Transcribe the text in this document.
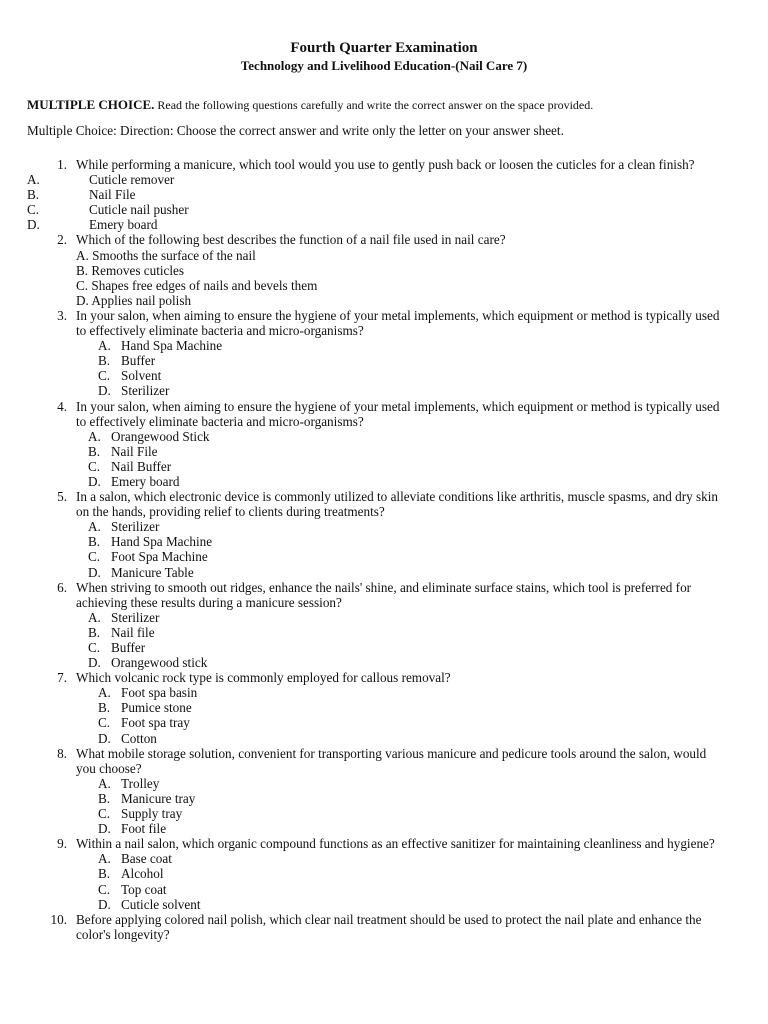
Fourth Quarter Examination
Technology and Livelihood Education-(Nail Care 7)
MULTIPLE CHOICE. Read the following questions carefully and write the correct answer on the space provided.
Multiple Choice: Direction: Choose the correct answer and write only the letter on your answer sheet.
1. While performing a manicure, which tool would you use to gently push back or loosen the cuticles for a clean finish?
A.	Cuticle remover
B.	Nail File
C.	Cuticle nail pusher
D.	Emery board
2. Which of the following best describes the function of a nail file used in nail care?
A. Smooths the surface of the nail
B. Removes cuticles
C. Shapes free edges of nails and bevels them
D. Applies nail polish
3. In your salon, when aiming to ensure the hygiene of your metal implements, which equipment or method is typically used to effectively eliminate bacteria and micro-organisms?
A. Hand Spa Machine
B. Buffer
C. Solvent
D. Sterilizer
4. In your salon, when aiming to ensure the hygiene of your metal implements, which equipment or method is typically used to effectively eliminate bacteria and micro-organisms?
A. Orangewood Stick
B. Nail File
C. Nail Buffer
D. Emery board
5. In a salon, which electronic device is commonly utilized to alleviate conditions like arthritis, muscle spasms, and dry skin on the hands, providing relief to clients during treatments?
A. Sterilizer
B. Hand Spa Machine
C. Foot Spa Machine
D. Manicure Table
6. When striving to smooth out ridges, enhance the nails' shine, and eliminate surface stains, which tool is preferred for achieving these results during a manicure session?
A. Sterilizer
B. Nail file
C. Buffer
D. Orangewood stick
7. Which volcanic rock type is commonly employed for callous removal?
A. Foot spa basin
B. Pumice stone
C. Foot spa tray
D. Cotton
8. What mobile storage solution, convenient for transporting various manicure and pedicure tools around the salon, would you choose?
A. Trolley
B. Manicure tray
C. Supply tray
D. Foot file
9. Within a nail salon, which organic compound functions as an effective sanitizer for maintaining cleanliness and hygiene?
A. Base coat
B. Alcohol
C. Top coat
D. Cuticle solvent
10. Before applying colored nail polish, which clear nail treatment should be used to protect the nail plate and enhance the color's longevity?
